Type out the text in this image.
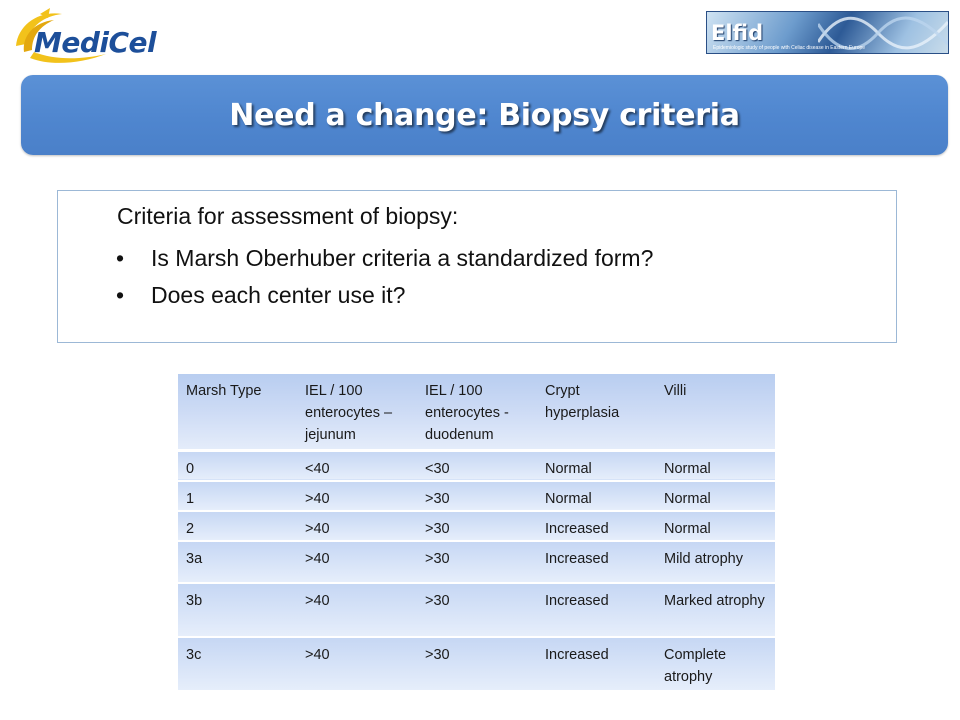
MediCel	Elfid
Epidemiologic study of people with Celiac disease in Eastern Europe
Need a change: Biopsy criteria
Criteria for assessment of biopsy:
• Is Marsh Oberhuber criteria a standardized form?
• Does each center use it?
Marsh Type	IEL / 100 enterocytes – jejunum	IEL / 100 enterocytes - duodenum	Crypt hyperplasia	Villi
0	<40	<30	Normal	Normal
1	>40	>30	Normal	Normal
2	>40	>30	Increased	Normal
3a	>40	>30	Increased	Mild atrophy
3b	>40	>30	Increased	Marked atrophy
3c	>40	>30	Increased	Complete atrophy
